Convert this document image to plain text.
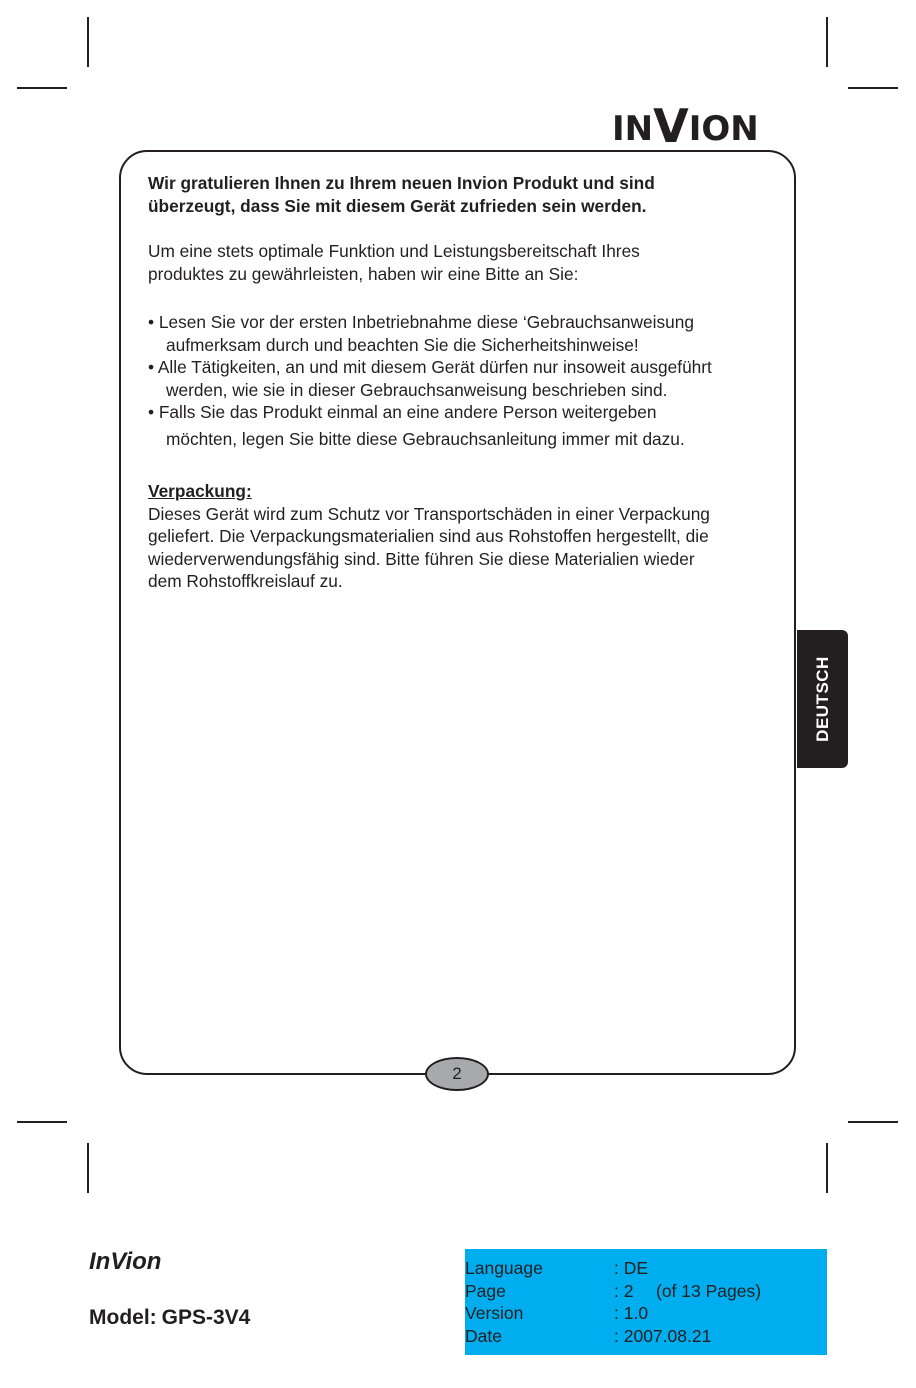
IN V ION

Wir gratulieren Ihnen zu Ihrem neuen Invion Produkt und sind

überzeugt, dass Sie mit diesem Gerät zufrieden sein werden.

Um eine stets optimale Funktion und Leistungsbereitschaft Ihres

produktes zu gewährleisten, haben wir eine Bitte an Sie:

• Lesen Sie vor der ersten Inbetriebnahme diese ‘Gebrauchsanweisung

aufmerksam durch und beachten Sie die Sicherheitshinweise!

• Alle Tätigkeiten, an und mit diesem Gerät dürfen nur insoweit ausgeführt

werden, wie sie in dieser Gebrauchsanweisung beschrieben sind.

• Falls Sie das Produkt einmal an eine andere Person weitergeben

möchten, legen Sie bitte diese Gebrauchsanleitung immer mit dazu.

Verpackung:

Dieses Gerät wird zum Schutz vor Transportschäden in einer Verpackung

geliefert. Die Verpackungsmaterialien sind aus Rohstoffen hergestellt, die

wiederverwendungsfähig sind. Bitte führen Sie diese Materialien wieder

dem Rohstoffkreislauf zu.

2
DEUTSCH
InVion
Model: GPS-3V4
Language	: DE
Page	: 2 (of 13 Pages)
Version	: 1.0
Date	: 2007.08.21
